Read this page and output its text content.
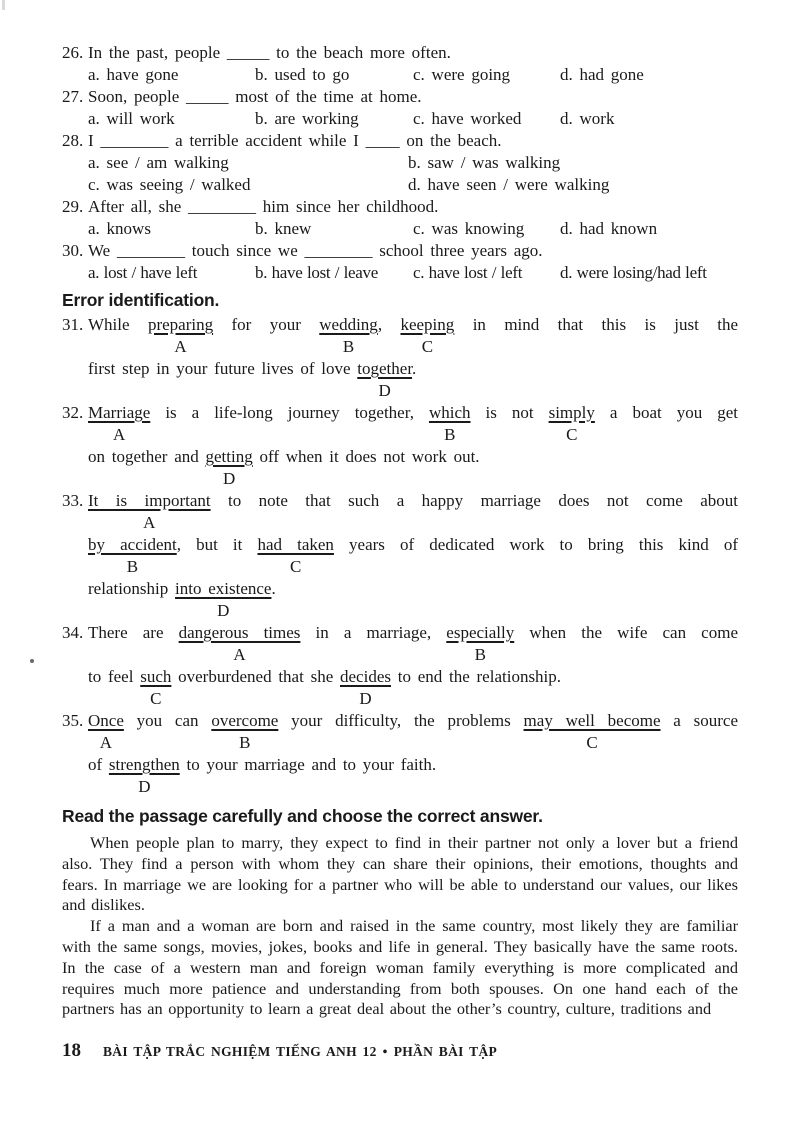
26. In the past, people _____ to the beach more often.
a. have gone	b. used to go	c. were going	d. had gone
27. Soon, people _____ most of the time at home.
a. will work	b. are working	c. have worked	d. work
28. I ________ a terrible accident while I ____ on the beach.
a. see / am walking	b. saw / was walking
c. was seeing / walked	d. have seen / were walking
29. After all, she ________ him since her childhood.
a. knows	b. knew	c. was knowing	d. had known
30. We ________ touch since we ________ school three years ago.
a. lost / have left	b. have lost / leave	c. have lost / left	d. were losing/had left
Error identification.
31. While preparing for your wedding, keeping in mind that this is just the
A	B	C
first step in your future lives of love together.
D
32. Marriage is a life-long journey together, which is not simply a boat you get
A	B	C
on together and getting off when it does not work out.
D
33. It is important to note that such a happy marriage does not come about
A
by accident, but it had taken years of dedicated work to bring this kind of
B	C
relationship into existence.
D
34. There are dangerous times in a marriage, especially when the wife can come
A	B
to feel such overburdened that she decides to end the relationship.
C	D
35. Once you can overcome your difficulty, the problems may well become a source
A	B	C
of strengthen to your marriage and to your faith.
D
Read the passage carefully and choose the correct answer.

When people plan to marry, they expect to find in their partner not only a lover but a friend also. They find a person with whom they can share their opinions, their emotions, thoughts and fears. In marriage we are looking for a partner who will be able to understand our values, our likes and dislikes.

If a man and a woman are born and raised in the same country, most likely they are familiar with the same songs, movies, jokes, books and life in general. They basically have the same roots. In the case of a western man and foreign woman family everything is more complicated and requires much more patience and understanding from both spouses. On one hand each of the partners has an opportunity to learn a great deal about the other’s country, culture, traditions and

18 BÀI TẬP TRẮC NGHIỆM TIẾNG ANH 12 • PHẦN BÀI TẬP
